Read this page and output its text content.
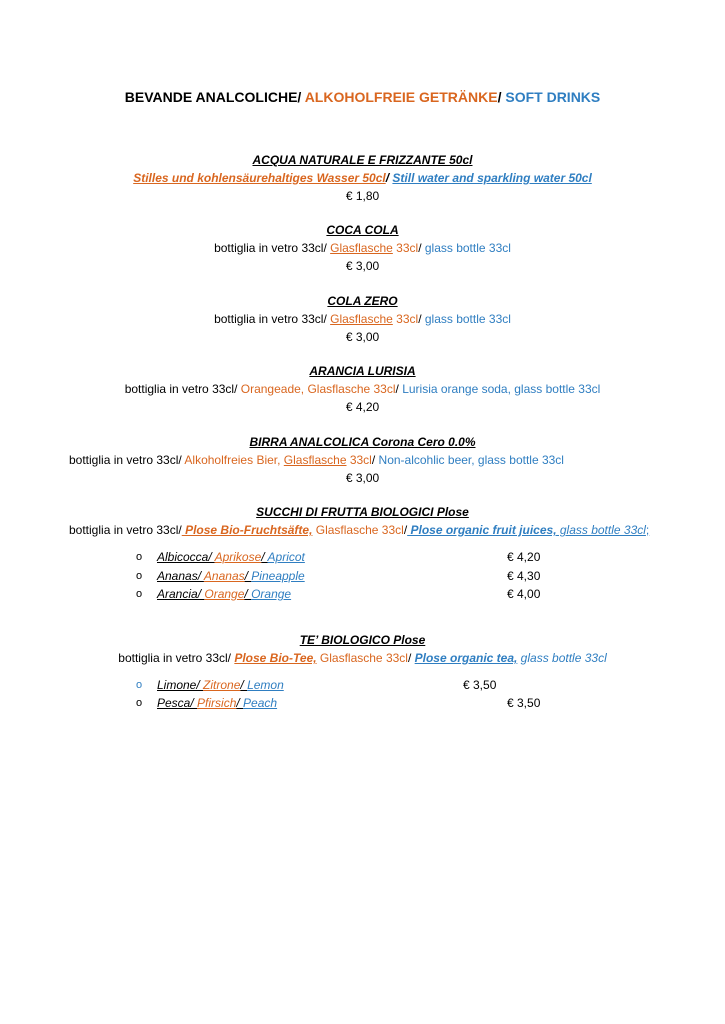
BEVANDE ANALCOLICHE/ ALKOHOLFREIE GETRÄNKE/ SOFT DRINKS
ACQUA NATURALE E FRIZZANTE 50cl
Stilles und kohlensäurehaltiges Wasser 50cl/ Still water and sparkling water 50cl
€ 1,80
COCA COLA
bottiglia in vetro 33cl/ Glasflasche 33cl/ glass bottle 33cl
€ 3,00
COLA ZERO
bottiglia in vetro 33cl/ Glasflasche 33cl/ glass bottle 33cl
€ 3,00
ARANCIA LURISIA
bottiglia in vetro 33cl/ Orangeade, Glasflasche 33cl/ Lurisia orange soda, glass bottle 33cl
€ 4,20
BIRRA ANALCOLICA Corona Cero 0.0%
bottiglia in vetro 33cl/ Alkoholfreies Bier, Glasflasche 33cl/ Non-alcohlic beer, glass bottle 33cl
€ 3,00
SUCCHI DI FRUTTA BIOLOGICI Plose
bottiglia in vetro 33cl/ Plose Bio-Fruchtsäfte, Glasflasche 33cl/ Plose organic fruit juices, glass bottle 33cl;
o Albicocca/ Aprikose/ Apricot	€ 4,20
o Ananas/ Ananas/ Pineapple	€ 4,30
o Arancia/ Orange/ Orange	€ 4,00
TE’ BIOLOGICO Plose
bottiglia in vetro 33cl/ Plose Bio-Tee, Glasflasche 33cl/ Plose organic tea, glass bottle 33cl
o Limone/ Zitrone/ Lemon	€ 3,50
o Pesca/ Pfirsich/ Peach	€ 3,50
